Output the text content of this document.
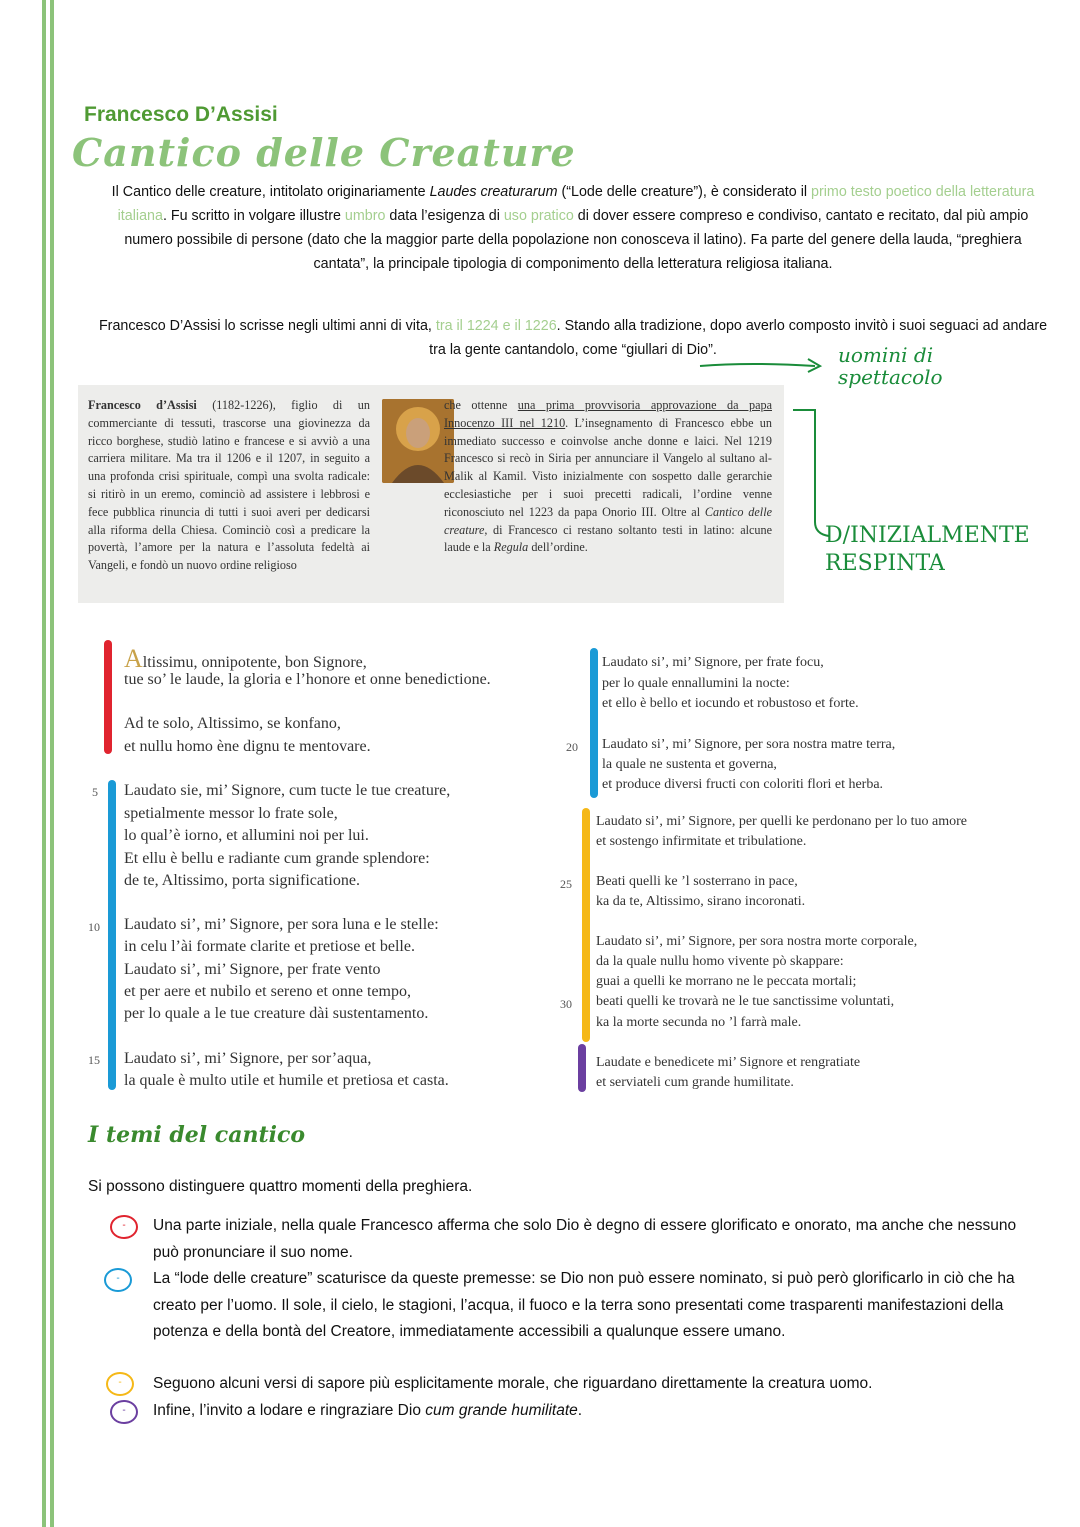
Francesco D’Assisi
Cantico delle Creature
Il Cantico delle creature, intitolato originariamente Laudes creaturarum (“Lode delle creature”), è considerato il primo testo poetico della letteratura italiana. Fu scritto in volgare illustre umbro data l’esigenza di uso pratico di dover essere compreso e condiviso, cantato e recitato, dal più ampio numero possibile di persone (dato che la maggior parte della popolazione non conosceva il latino). Fa parte del genere della lauda, “preghiera cantata”, la principale tipologia di componimento della letteratura religiosa italiana.
Francesco D’Assisi lo scrisse negli ultimi anni di vita, tra il 1224 e il 1226. Stando alla tradizione, dopo averlo composto invitò i suoi seguaci ad andare tra la gente cantandolo, come “giullari di Dio”.	uomini di spettacolo
D/INIZIALMENTE RESPINTA
Francesco d’Assisi (1182-1226), figlio di un commerciante di tessuti, trascorse una giovinezza da ricco borghese, studiò latino e francese e si avviò a una carriera militare. Ma tra il 1206 e il 1207, in seguito a una profonda crisi spirituale, compì una svolta radicale: si ritirò in un eremo, cominciò ad assistere i lebbrosi e fece pubblica rinuncia di tutti i suoi averi per dedicarsi alla riforma della Chiesa. Cominciò così a predicare la povertà, l’amore per la natura e l’assoluta fedeltà ai Vangeli, e fondò un nuovo ordine religioso
che ottenne una prima provvisoria approvazione da papa Innocenzo III nel 1210. L’insegnamento di Francesco ebbe un immediato successo e coinvolse anche donne e laici. Nel 1219 Francesco si recò in Siria per annunciare il Vangelo al sultano al-Malik al Kamil. Visto inizialmente con sospetto dalle gerarchie ecclesiastiche per i suoi precetti radicali, l’ordine venne riconosciuto nel 1223 da papa Onorio III. Oltre al Cantico delle creature, di Francesco ci restano soltanto testi in latino: alcune laude e la Regula dell’ordine.
Altissimu, onnipotente, bon Signore,
tue so’ le laude, la gloria e l’honore et onne benedictione.
Ad te solo, Altissimo, se konfano,
et nullu homo ène dignu te mentovare.
5 Laudato sie, mi’ Signore, cum tucte le tue creature,
spetialmente messor lo frate sole,
lo qual’è iorno, et allumini noi per lui.
Et ellu è bellu e radiante cum grande splendore:
de te, Altissimo, porta significatione.
10 Laudato si’, mi’ Signore, per sora luna e le stelle:
in celu l’ài formate clarite et pretiose et belle.
Laudato si’, mi’ Signore, per frate vento
et per aere et nubilo et sereno et onne tempo,
per lo quale a le tue creature dài sustentamento.
15 Laudato si’, mi’ Signore, per sor’aqua,
la quale è multo utile et humile et pretiosa et casta.
Laudato si’, mi’ Signore, per frate focu,
per lo quale ennallumini la nocte:
et ello è bello et iocundo et robustoso et forte.
20 Laudato si’, mi’ Signore, per sora nostra matre terra,
la quale ne sustenta et governa,
et produce diversi fructi con coloriti flori et herba.
Laudato si’, mi’ Signore, per quelli ke perdonano per lo tuo amore
et sostengo infirmitate et tribulatione.
25 Beati quelli ke ’l sosterrano in pace,
ka da te, Altissimo, sirano incoronati.
Laudato si’, mi’ Signore, per sora nostra morte corporale,
da la quale nullu homo vivente pò skappare:
guai a quelli ke morrano ne le peccata mortali;
30 beati quelli ke trovarà ne le tue sanctissime voluntati,
ka la morte secunda no ’l farrà male.
Laudate e benedicete mi’ Signore et rengratiate
et serviateli cum grande humilitate.
I temi del cantico
Si possono distinguere quattro momenti della preghiera.
-	Una parte iniziale, nella quale Francesco afferma che solo Dio è degno di essere glorificato e onorato, ma anche che nessuno può pronunciare il suo nome.
-	La “lode delle creature” scaturisce da queste premesse: se Dio non può essere nominato, si può però glorificarlo in ciò che ha creato per l’uomo. Il sole, il cielo, le stagioni, l’acqua, il fuoco e la terra sono presentati come trasparenti manifestazioni della potenza e della bontà del Creatore, immediatamente accessibili a qualunque essere umano.
-	Seguono alcuni versi di sapore più esplicitamente morale, che riguardano direttamente la creatura uomo.
-	Infine, l’invito a lodare e ringraziare Dio cum grande humilitate.
